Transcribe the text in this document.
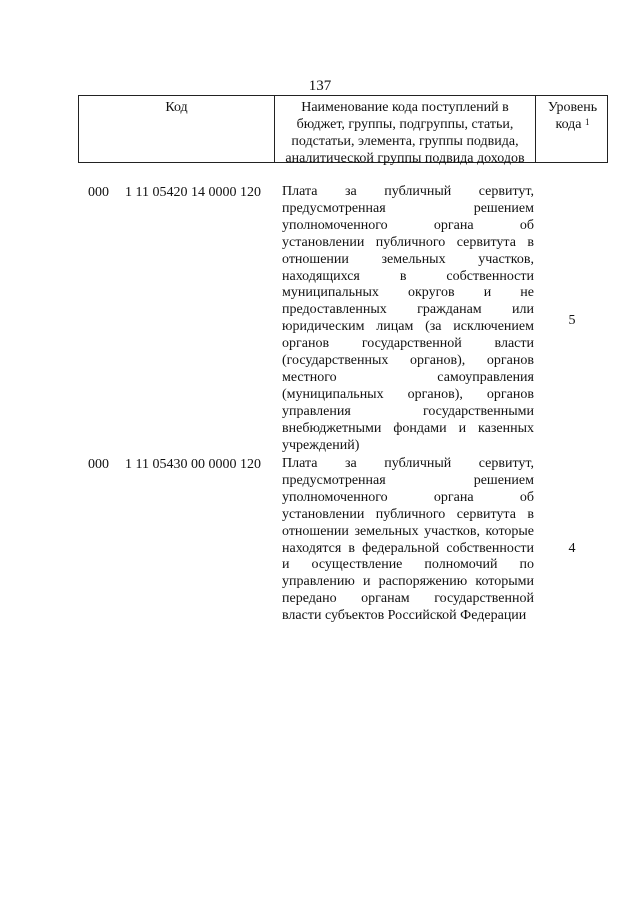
137
Код	Наименование кода поступлений в бюджет, группы, подгруппы, статьи, подстатьи, элемента, группы подвида, аналитической группы подвида доходов
Уровень
кода $^1$
000 1 11 05420 14 0000 120 Плата за публичный сервитут, предусмотренная решением уполномоченного органа об установлении публичного сервитута в отношении земельных участков, находящихся в собственности муниципальных округов и не предоставленных гражданам или юридическим лицам (за исключением органов государственной власти (государственных органов), органов местного самоуправления (муниципальных органов), органов управления государственными внебюджетными фондами и казенных учреждений)
5
000 1 11 05430 00 0000 120 Плата за публичный сервитут, предусмотренная решением уполномоченного органа об установлении публичного сервитута в отношении земельных участков, которые находятся в федеральной собственности и осуществление полномочий по управлению и распоряжению которыми передано органам государственной власти субъектов Российской Федерации
4
